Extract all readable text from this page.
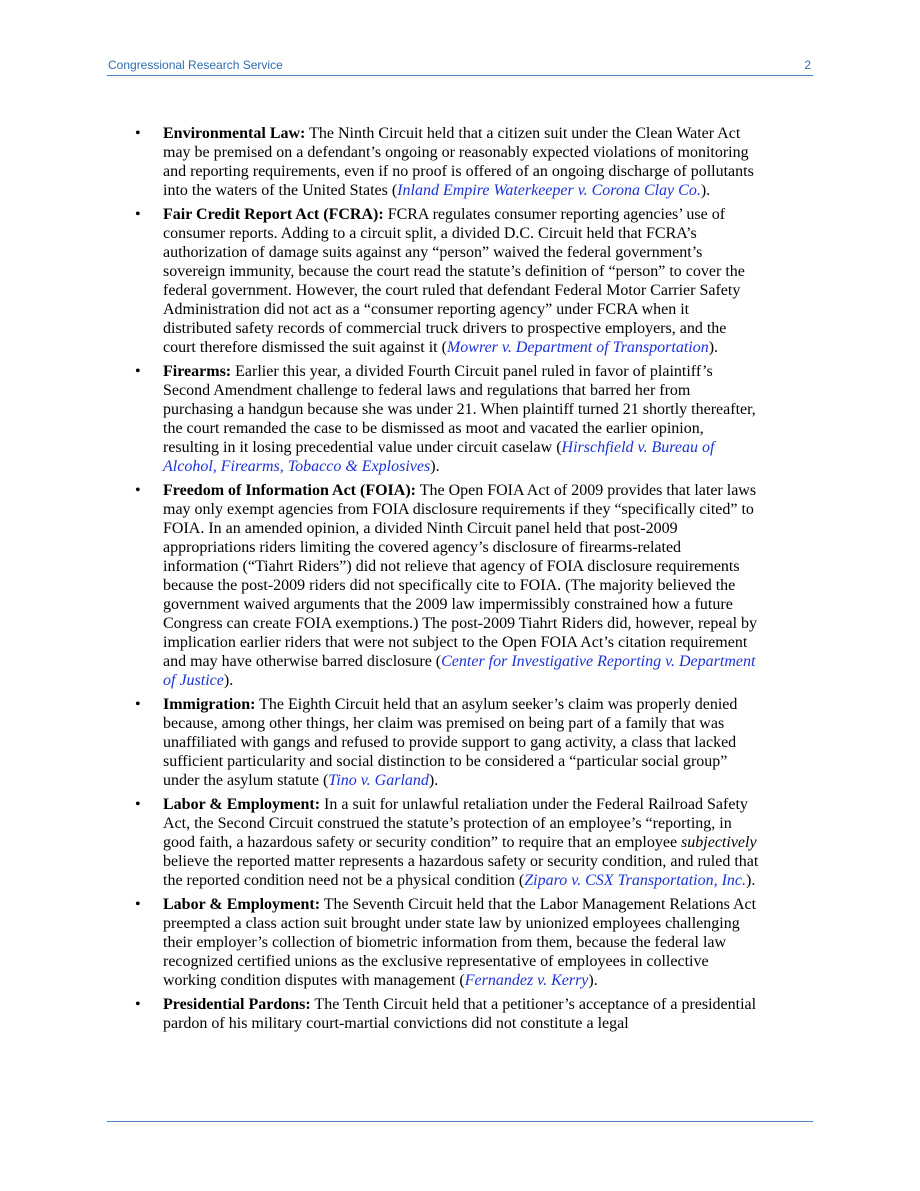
Congressional Research Service	2
• Environmental Law: The Ninth Circuit held that a citizen suit under the Clean Water Act may be premised on a defendant’s ongoing or reasonably expected violations of monitoring and reporting requirements, even if no proof is offered of an ongoing discharge of pollutants into the waters of the United States (Inland Empire Waterkeeper v. Corona Clay Co.).
• Fair Credit Report Act (FCRA): FCRA regulates consumer reporting agencies’ use of consumer reports. Adding to a circuit split, a divided D.C. Circuit held that FCRA’s authorization of damage suits against any “person” waived the federal government’s sovereign immunity, because the court read the statute’s definition of “person” to cover the federal government. However, the court ruled that defendant Federal Motor Carrier Safety Administration did not act as a “consumer reporting agency” under FCRA when it distributed safety records of commercial truck drivers to prospective employers, and the court therefore dismissed the suit against it (Mowrer v. Department of Transportation).
• Firearms: Earlier this year, a divided Fourth Circuit panel ruled in favor of plaintiff’s Second Amendment challenge to federal laws and regulations that barred her from purchasing a handgun because she was under 21. When plaintiff turned 21 shortly thereafter, the court remanded the case to be dismissed as moot and vacated the earlier opinion, resulting in it losing precedential value under circuit caselaw (Hirschfield v. Bureau of Alcohol, Firearms, Tobacco & Explosives).
• Freedom of Information Act (FOIA): The Open FOIA Act of 2009 provides that later laws may only exempt agencies from FOIA disclosure requirements if they “specifically cited” to FOIA. In an amended opinion, a divided Ninth Circuit panel held that post-2009 appropriations riders limiting the covered agency’s disclosure of firearms-related information (“Tiahrt Riders”) did not relieve that agency of FOIA disclosure requirements because the post-2009 riders did not specifically cite to FOIA. (The majority believed the government waived arguments that the 2009 law impermissibly constrained how a future Congress can create FOIA exemptions.) The post-2009 Tiahrt Riders did, however, repeal by implication earlier riders that were not subject to the Open FOIA Act’s citation requirement and may have otherwise barred disclosure (Center for Investigative Reporting v. Department of Justice).
• Immigration: The Eighth Circuit held that an asylum seeker’s claim was properly denied because, among other things, her claim was premised on being part of a family that was unaffiliated with gangs and refused to provide support to gang activity, a class that lacked sufficient particularity and social distinction to be considered a “particular social group” under the asylum statute (Tino v. Garland).
• Labor & Employment: In a suit for unlawful retaliation under the Federal Railroad Safety Act, the Second Circuit construed the statute’s protection of an employee’s “reporting, in good faith, a hazardous safety or security condition” to require that an employee subjectively believe the reported matter represents a hazardous safety or security condition, and ruled that the reported condition need not be a physical condition (Ziparo v. CSX Transportation, Inc.).
• Labor & Employment: The Seventh Circuit held that the Labor Management Relations Act preempted a class action suit brought under state law by unionized employees challenging their employer’s collection of biometric information from them, because the federal law recognized certified unions as the exclusive representative of employees in collective working condition disputes with management (Fernandez v. Kerry).
• Presidential Pardons: The Tenth Circuit held that a petitioner’s acceptance of a presidential pardon of his military court-martial convictions did not constitute a legal
